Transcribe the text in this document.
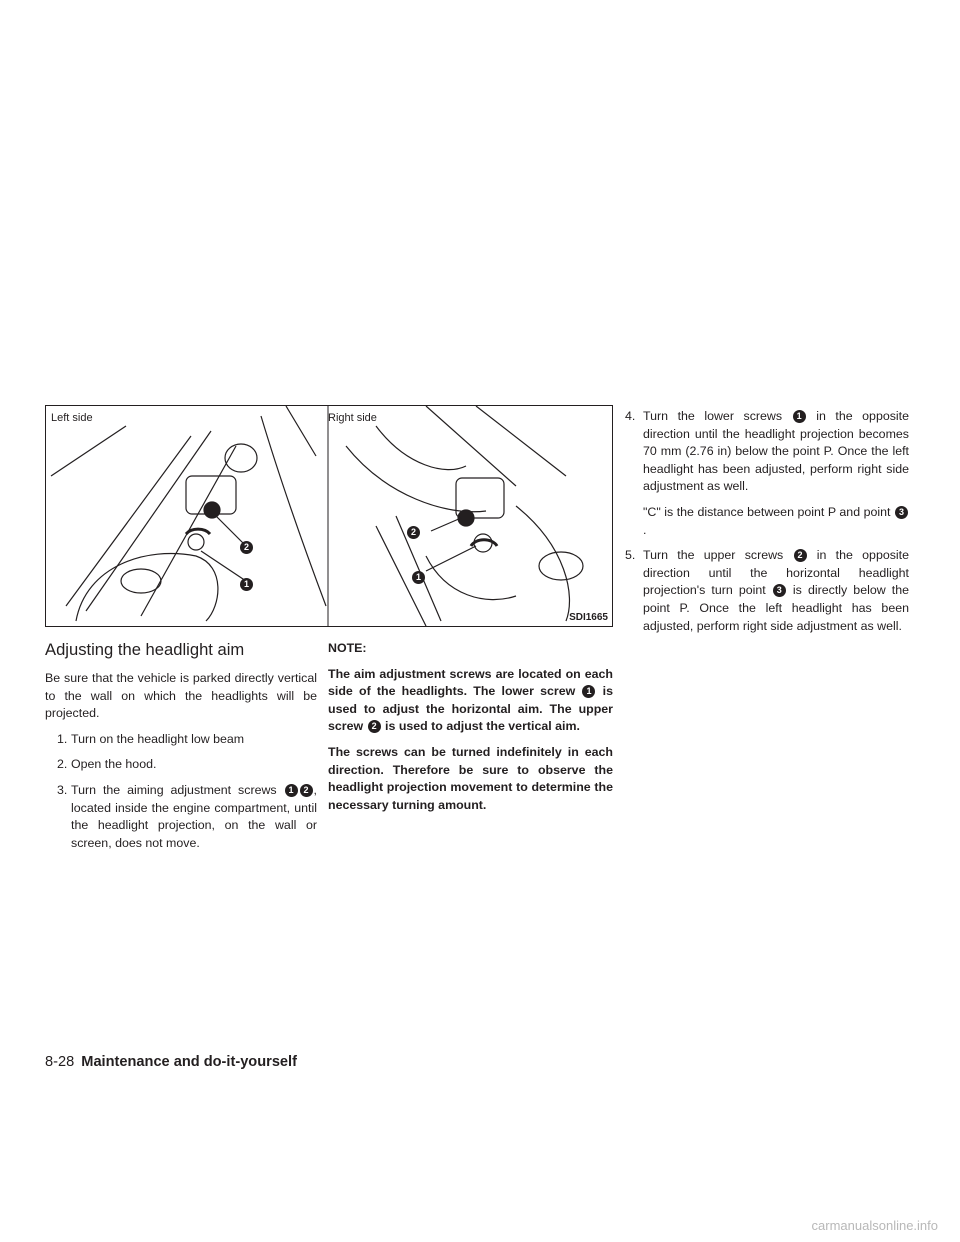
Left side	Right side
2
1
2
1
SDI1665
Adjusting the headlight aim

Be sure that the vehicle is parked directly vertical to the wall on which the headlights will be projected.

1. Turn on the headlight low beam
2. Open the hood.
3. Turn the aiming adjustment screws 1 2 , located inside the engine compartment, until the headlight projection, on the wall or screen, does not move.

NOTE:

The aim adjustment screws are located on each side of the headlights. The lower screw 1 is used to adjust the horizontal aim. The upper screw 2 is used to adjust the vertical aim.

The screws can be turned indefinitely in each direction. Therefore be sure to observe the headlight projection movement to determine the necessary turning amount.

4. Turn the lower screws 1 in the opposite direction until the headlight projection becomes 70 mm (2.76 in) below the point P. Once the left headlight has been adjusted, perform right side adjustment as well.

"C" is the distance between point P and point 3.

5. Turn the upper screws 2 in the opposite direction until the horizontal headlight projection's turn point 3 is directly below the point P. Once the left headlight has been adjusted, perform right side adjustment as well.
8-28 Maintenance and do-it-yourself
carmanualsonline.info
